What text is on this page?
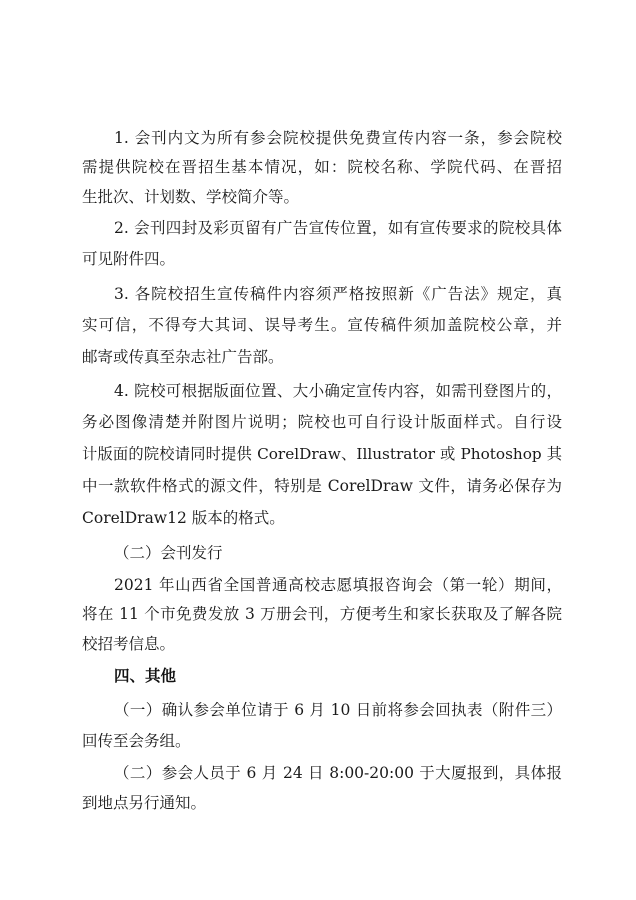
1. 会刊内文为所有参会院校提供免费宣传内容一条，参会院校
需提供院校在晋招生基本情况，如：院校名称、学院代码、在晋招
生批次、计划数、学校简介等。
2. 会刊四封及彩页留有广告宣传位置，如有宣传要求的院校具体
可见附件四。
3. 各院校招生宣传稿件内容须严格按照新《广告法》规定，真
实可信，不得夸大其词、误导考生。宣传稿件须加盖院校公章，并
邮寄或传真至杂志社广告部。
4. 院校可根据版面位置、大小确定宣传内容，如需刊登图片的，
务必图像清楚并附图片说明；院校也可自行设计版面样式。自行设
计版面的院校请同时提供 CorelDraw、Illustrator 或 Photoshop 其
中一款软件格式的源文件，特别是 CorelDraw 文件，请务必保存为
CorelDraw12 版本的格式。
（二）会刊发行
2021 年山西省全国普通高校志愿填报咨询会（第一轮）期间，
将在 11 个市免费发放 3 万册会刊，方便考生和家长获取及了解各院
校招考信息。
四、其他
（一）确认参会单位请于 6 月 10 日前将参会回执表（附件三）
回传至会务组。
（二）参会人员于 6 月 24 日 8:00-20:00 于大厦报到，具体报
到地点另行通知。
